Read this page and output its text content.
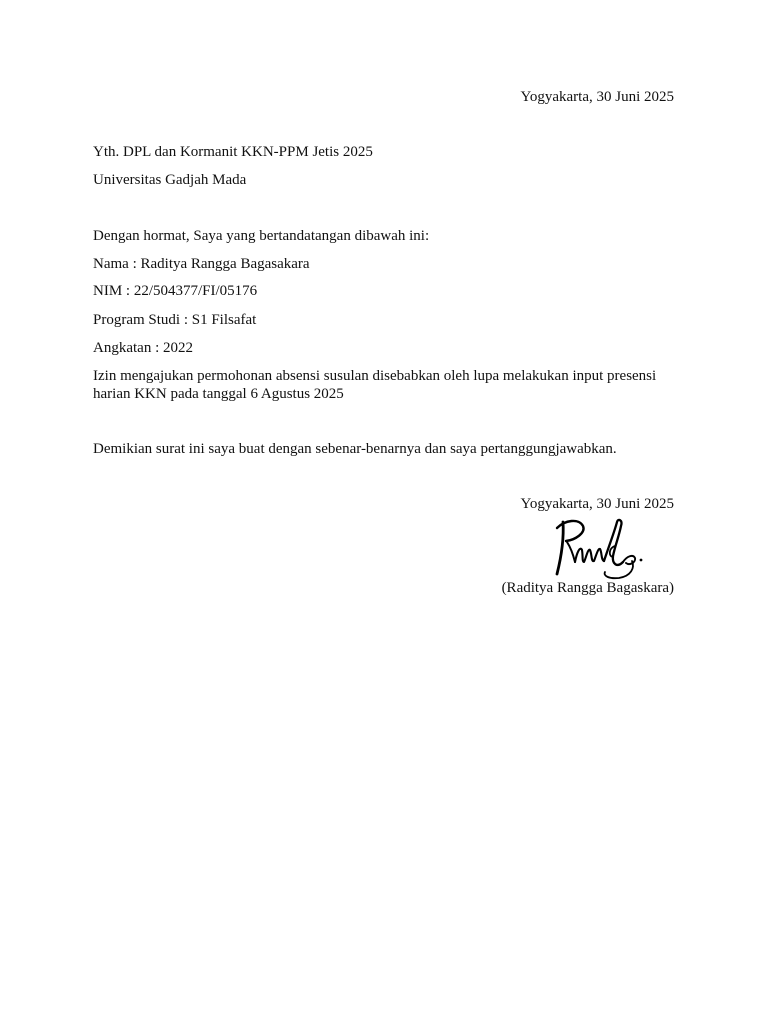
Yogyakarta, 30 Juni 2025
Yth. DPL dan Kormanit KKN-PPM Jetis 2025
Universitas Gadjah Mada
Dengan hormat, Saya yang bertandatangan dibawah ini:
Nama : Raditya Rangga Bagasakara
NIM : 22/504377/FI/05176
Program Studi : S1 Filsafat
Angkatan : 2022
Izin mengajukan permohonan absensi susulan disebabkan oleh lupa melakukan input presensi
harian KKN pada tanggal 6 Agustus 2025
Demikian surat ini saya buat dengan sebenar-benarnya dan saya pertanggungjawabkan.
Yogyakarta, 30 Juni 2025
(Raditya Rangga Bagaskara)
